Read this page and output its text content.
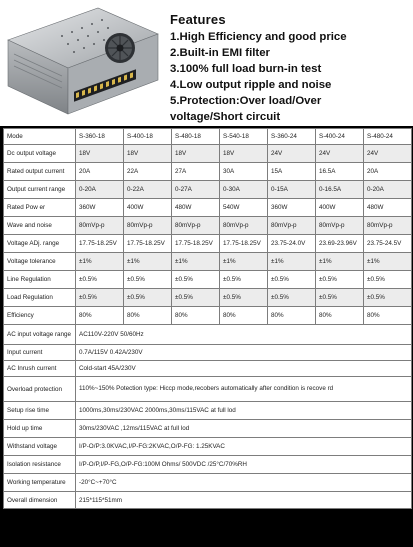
Features
1.High Efficiency and good price
2.Built-in EMI filter
3.100% full load burn-in test
4.Low output ripple and noise
5.Protection:Over load/Over
voltage/Short circuit
Mode	S-360-18	S-400-18	S-480-18	S-540-18	S-360-24	S-400-24	S-480-24
Dc output voltage	18V	18V	18V	18V	24V	24V	24V
Rated output current	20A	22A	27A	30A	15A	16.5A	20A
Output current range	0-20A	0-22A	0-27A	0-30A	0-15A	0-16.5A	0-20A
Rated Pow er	360W	400W	480W	540W	360W	400W	480W
Wave and noise	80mVp-p	80mVp-p	80mVp-p	80mVp-p	80mVp-p	80mVp-p	80mVp-p
Voltage ADj. range	17.75-18.25V	17.75-18.25V	17.75-18.25V	17.75-18.25V	23.75-24.0V	23.69-23.96V	23.75-24.5V
Voltage tolerance	±1%	±1%	±1%	±1%	±1%	±1%	±1%
Line Regulation	±0.5%	±0.5%	±0.5%	±0.5%	±0.5%	±0.5%	±0.5%
Load Regulation	±0.5%	±0.5%	±0.5%	±0.5%	±0.5%	±0.5%	±0.5%
Efficiency	80%	80%	80%	80%	80%	80%	80%
AC input voltage range	AC110V-220V 50/60Hz						
Input current	0.7A/115V 0.42A/230V						
AC Inrush current	Cold-start 45A/230V						
Overload protection	110%~150% Potection type: Hiccp mode,recobers automatically after condition is recove rd						
Setup rise time	1000ms,30ms/230VAC 2000ms,30ms/115VAC at full lod						
Hold up time	30ms/230VAC ,12ms/115VAC at full lod						
Withstand voltage	I/P-O/P:3.0KVAC,I/P-FG:2KVAC,O/P-FG: 1.25KVAC						
Isolation resistance	I/P-O/P,I/P-FG,O/P-FG:100M Ohms/ 500VDC /25°C/70%RH						
Working temperature	-20°C~+70°C						
Overall dimension	215*115*51mm						
